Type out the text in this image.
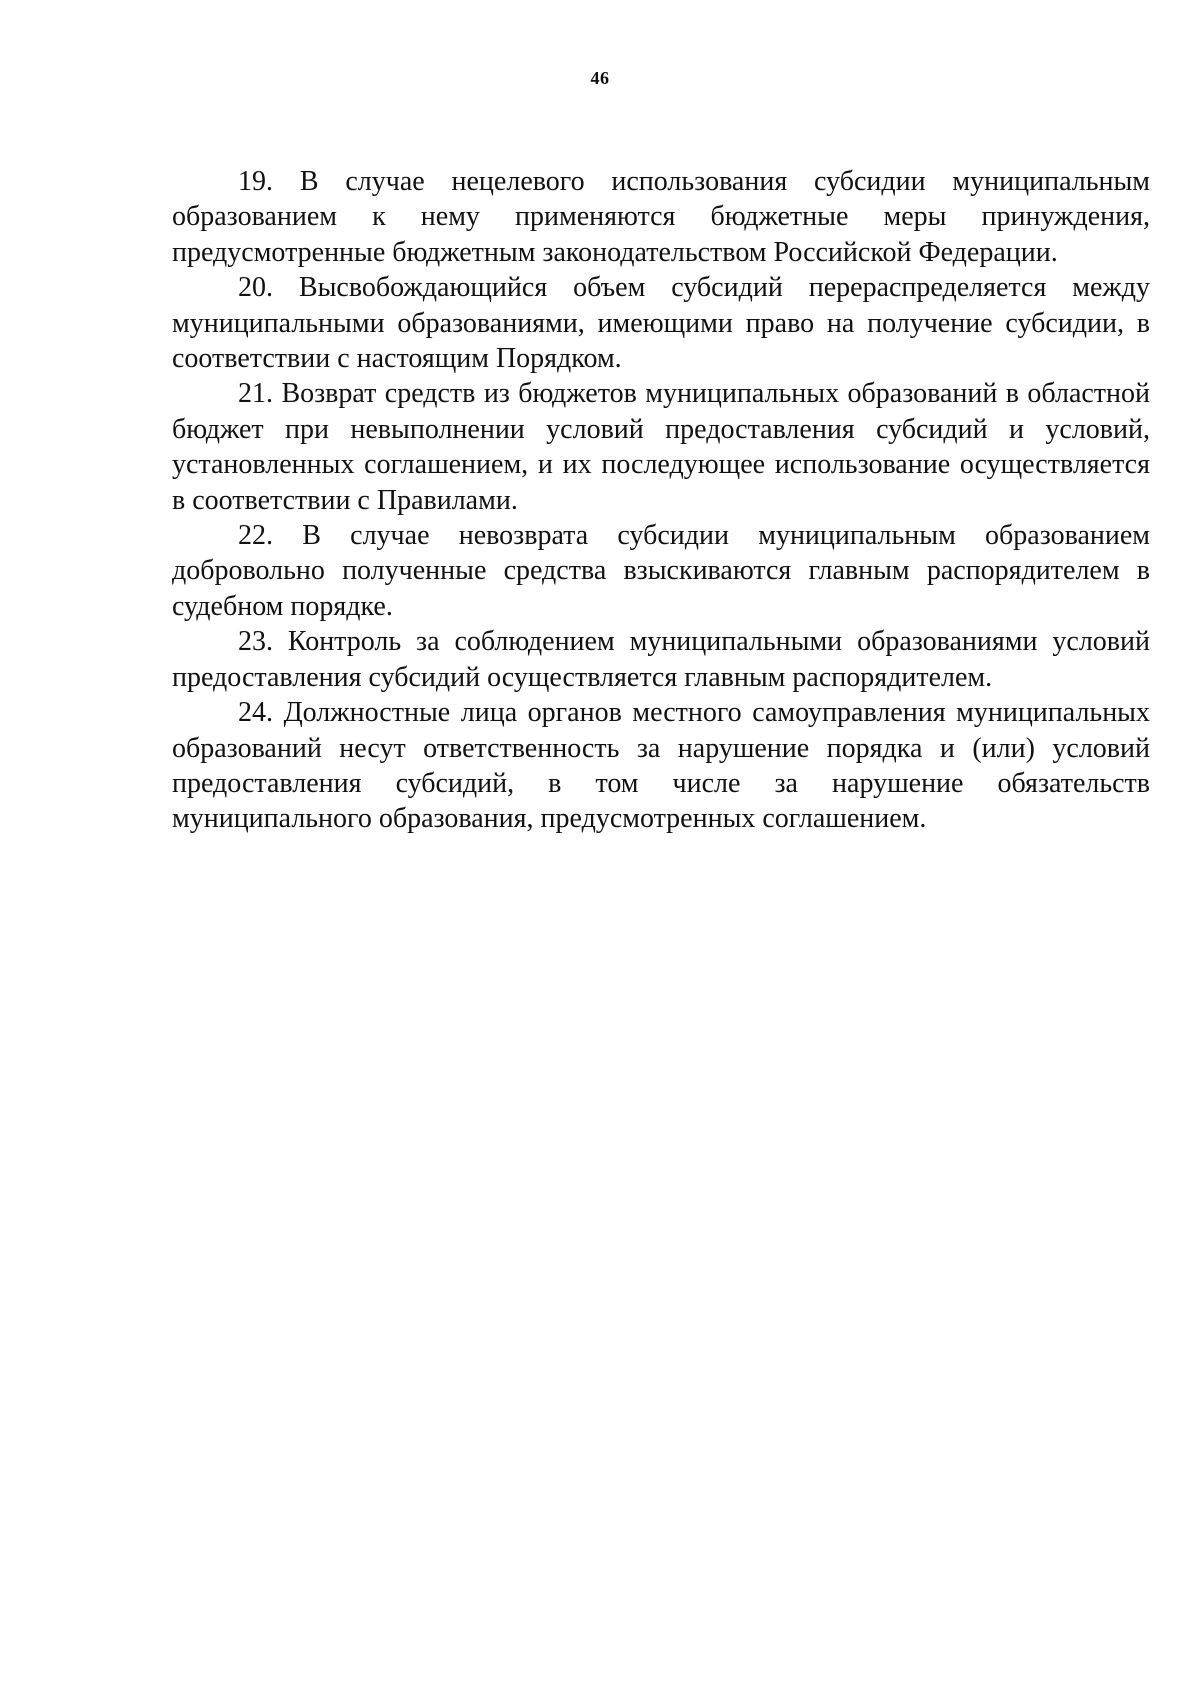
46

19. В случае нецелевого использования субсидии муниципальным образованием к нему применяются бюджетные меры принуждения, предусмотренные бюджетным законодательством Российской Федерации.

20. Высвобождающийся объем субсидий перераспределяется между муниципальными образованиями, имеющими право на получение субсидии, в соответствии с настоящим Порядком.

21. Возврат средств из бюджетов муниципальных образований в областной бюджет при невыполнении условий предоставления субсидий и условий, установленных соглашением, и их последующее использование осуществляется в соответствии с Правилами.

22. В случае невозврата субсидии муниципальным образованием добровольно полученные средства взыскиваются главным распорядителем в судебном порядке.

23. Контроль за соблюдением муниципальными образованиями условий предоставления субсидий осуществляется главным распорядителем.

24. Должностные лица органов местного самоуправления муниципальных образований несут ответственность за нарушение порядка и (или) условий предоставления субсидий, в том числе за нарушение обязательств муниципального образования, предусмотренных соглашением.
